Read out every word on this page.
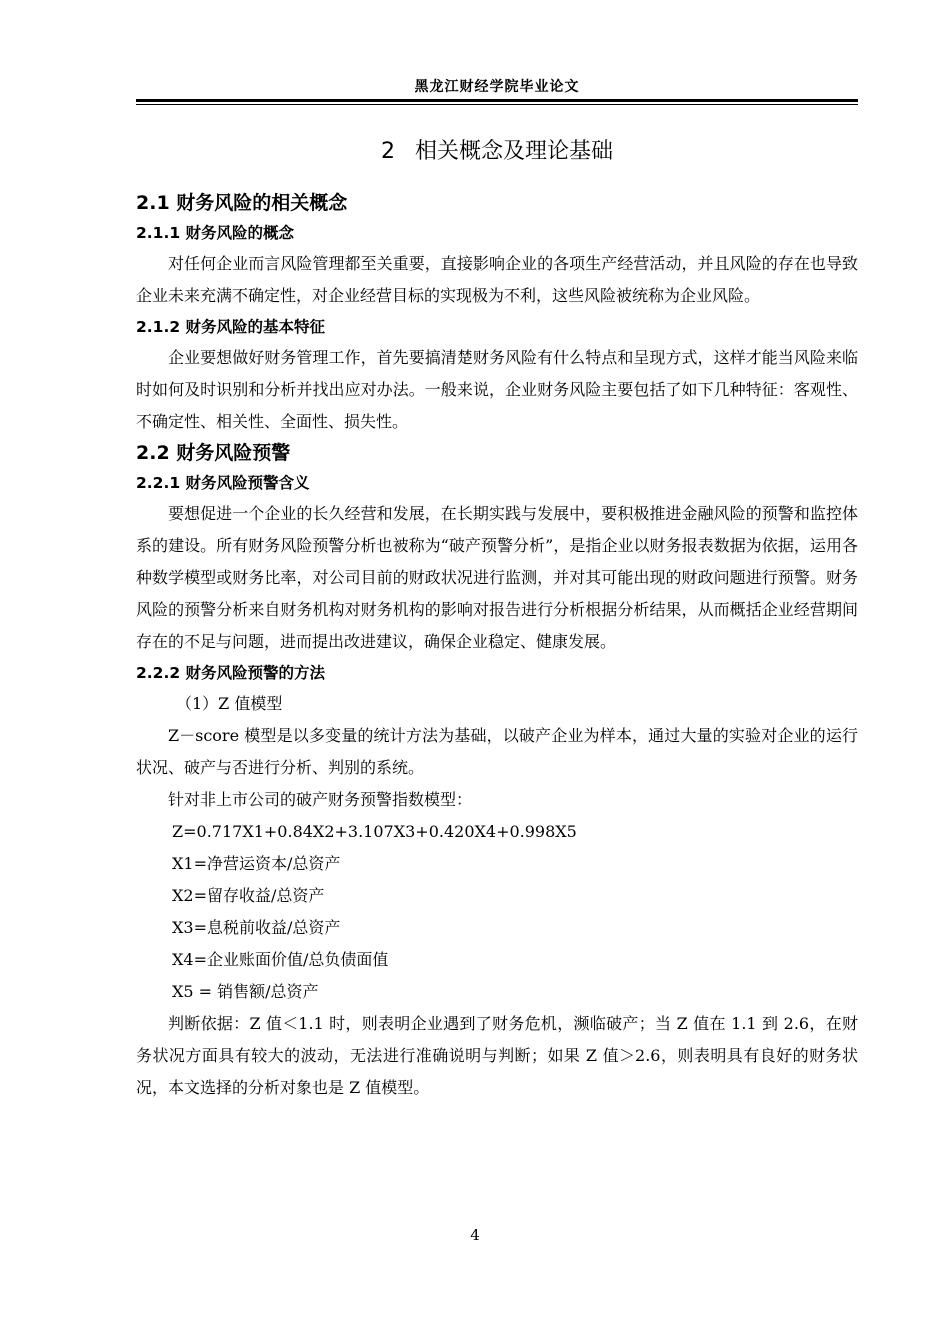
黑龙江财经学院毕业论文
2 相关概念及理论基础
2.1 财务风险的相关概念
2.1.1 财务风险的概念

对任何企业而言风险管理都至关重要，直接影响企业的各项生产经营活动，并且风险的存在也导致企业未来充满不确定性，对企业经营目标的实现极为不利，这些风险被统称为企业风险。

2.1.2 财务风险的基本特征

企业要想做好财务管理工作，首先要搞清楚财务风险有什么特点和呈现方式，这样才能当风险来临时如何及时识别和分析并找出应对办法。一般来说，企业财务风险主要包括了如下几种特征：客观性、不确定性、相关性、全面性、损失性。

2.2 财务风险预警
2.2.1 财务风险预警含义

要想促进一个企业的长久经营和发展，在长期实践与发展中，要积极推进金融风险的预警和监控体系的建设。所有财务风险预警分析也被称为“破产预警分析”，是指企业以财务报表数据为依据，运用各种数学模型或财务比率，对公司目前的财政状况进行监测，并对其可能出现的财政问题进行预警。财务风险的预警分析来自财务机构对财务机构的影响对报告进行分析根据分析结果，从而概括企业经营期间存在的不足与问题，进而提出改进建议，确保企业稳定、健康发展。

2.2.2 财务风险预警的方法

（1）Z 值模型

Z－score 模型是以多变量的统计方法为基础，以破产企业为样本，通过大量的实验对企业的运行状况、破产与否进行分析、判别的系统。

针对非上市公司的破产财务预警指数模型：

Z=0.717X1+0.84X2+3.107X3+0.420X4+0.998X5

X1=净营运资本/总资产

X2=留存收益/总资产

X3=息税前收益/总资产

X4=企业账面价值/总负债面值

X5 = 销售额/总资产

判断依据：Z 值＜1.1 时，则表明企业遇到了财务危机，濒临破产；当 Z 值在 1.1 到 2.6，在财务状况方面具有较大的波动，无法进行准确说明与判断；如果 Z 值＞2.6，则表明具有良好的财务状况，本文选择的分析对象也是 Z 值模型。

4
